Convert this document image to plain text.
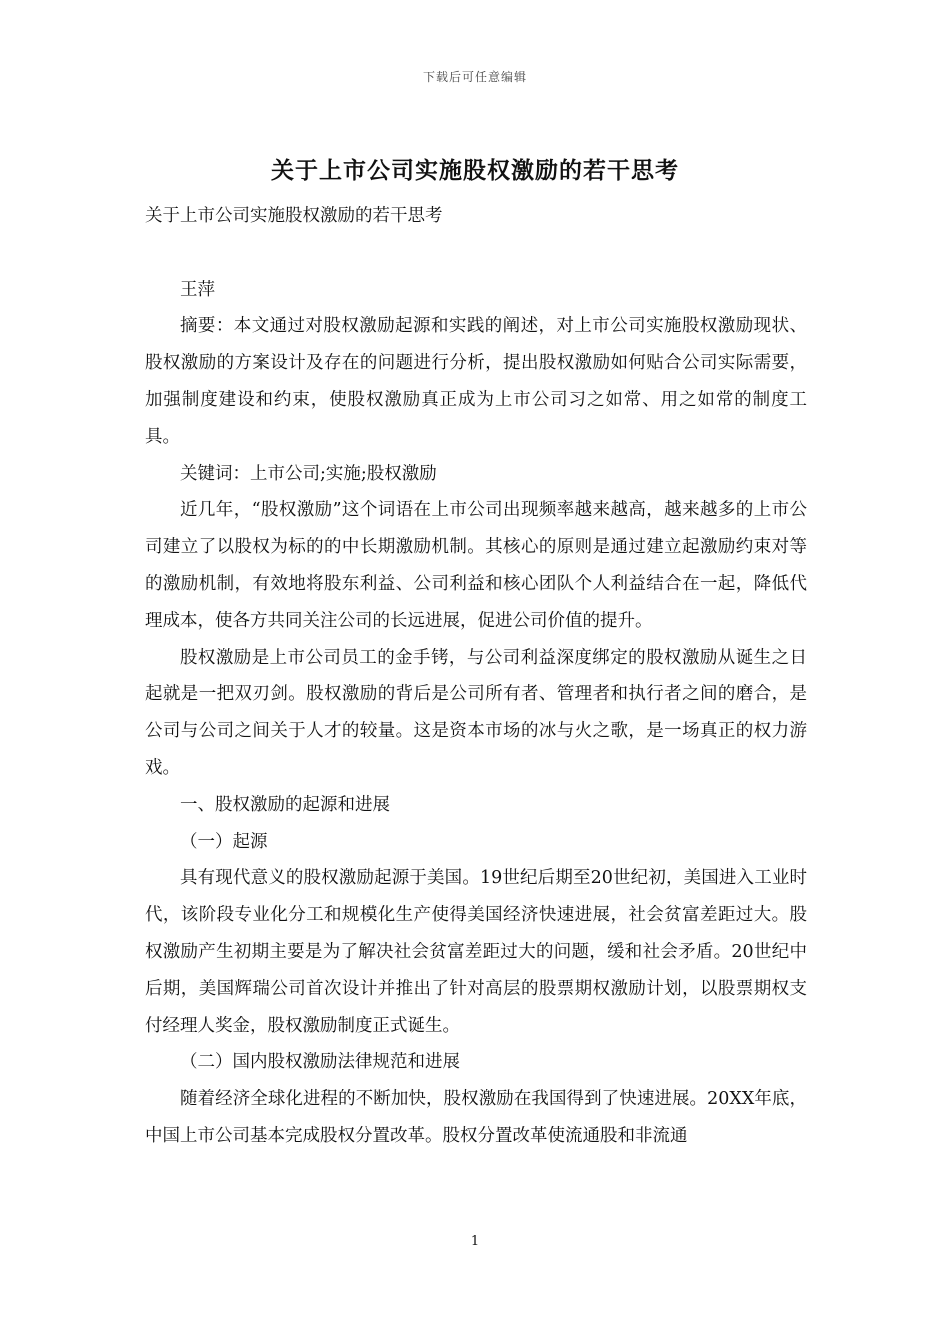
下载后可任意编辑
关于上市公司实施股权激励的若干思考

关于上市公司实施股权激励的若干思考

王萍

摘要：本文通过对股权激励起源和实践的阐述，对上市公司实施股权激励现状、股权激励的方案设计及存在的问题进行分析，提出股权激励如何贴合公司实际需要，加强制度建设和约束，使股权激励真正成为上市公司习之如常、用之如常的制度工具。

关键词：上市公司;实施;股权激励

近几年，“股权激励”这个词语在上市公司出现频率越来越高，越来越多的上市公司建立了以股权为标的的中长期激励机制。其核心的原则是通过建立起激励约束对等的激励机制，有效地将股东利益、公司利益和核心团队个人利益结合在一起，降低代理成本，使各方共同关注公司的长远进展，促进公司价值的提升。

股权激励是上市公司员工的金手铐，与公司利益深度绑定的股权激励从诞生之日起就是一把双刃剑。股权激励的背后是公司所有者、管理者和执行者之间的磨合，是公司与公司之间关于人才的较量。这是资本市场的冰与火之歌，是一场真正的权力游戏。

一、股权激励的起源和进展

（一）起源

具有现代意义的股权激励起源于美国。19世纪后期至20世纪初，美国进入工业时代，该阶段专业化分工和规模化生产使得美国经济快速进展，社会贫富差距过大。股权激励产生初期主要是为了解决社会贫富差距过大的问题，缓和社会矛盾。20世纪中后期，美国辉瑞公司首次设计并推出了针对高层的股票期权激励计划，以股票期权支付经理人奖金，股权激励制度正式诞生。

（二）国内股权激励法律规范和进展

随着经济全球化进程的不断加快，股权激励在我国得到了快速进展。20XX年底，中国上市公司基本完成股权分置改革。股权分置改革使流通股和非流通

1
